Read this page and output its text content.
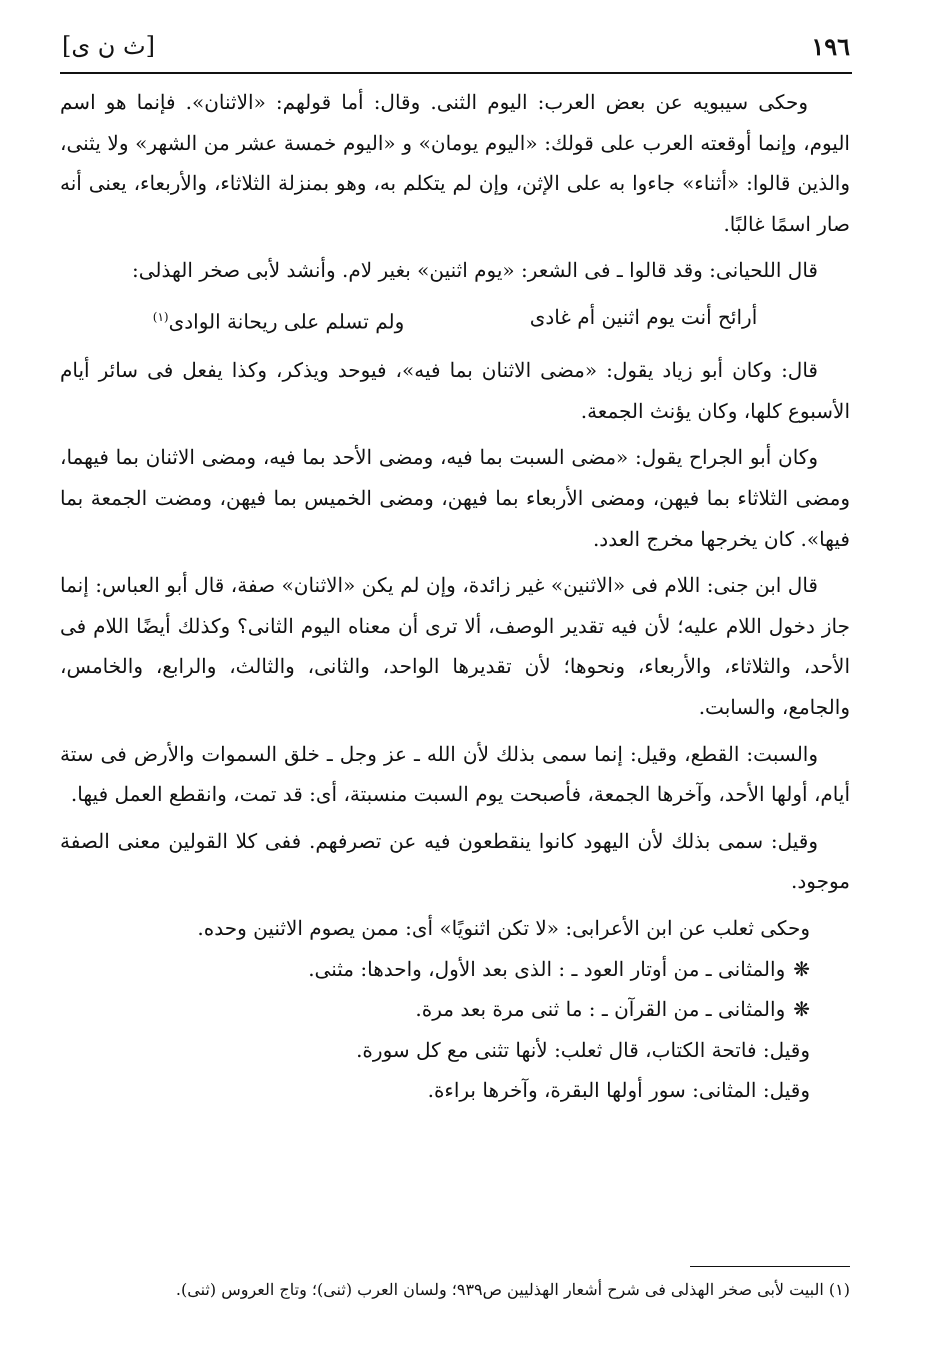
١٩٦
[ث ن ى]

وحكى سيبويه عن بعض العرب: اليوم الثنى. وقال: أما قولهم: «الاثنان». فإنما هو اسم اليوم، وإنما أوقعته العرب على قولك: «اليوم يومان» و «اليوم خمسة عشر من الشهر» ولا يثنى، والذين قالوا: «أثناء» جاءوا به على الإثن، وإن لم يتكلم به، وهو بمنزلة الثلاثاء، والأربعاء، يعنى أنه صار اسمًا غالبًا.

قال اللحيانى: وقد قالوا ـ فى الشعر: «يوم اثنين» بغير لام. وأنشد لأبى صخر الهذلى:

أرائح أنت يوم اثنين أم غادى
ولم تسلم على ريحانة الوادى$^{(١)}$

قال: وكان أبو زياد يقول: «مضى الاثنان بما فيه»، فيوحد ويذكر، وكذا يفعل فى سائر أيام الأسبوع كلها، وكان يؤنث الجمعة.

وكان أبو الجراح يقول: «مضى السبت بما فيه، ومضى الأحد بما فيه، ومضى الاثنان بما فيهما، ومضى الثلاثاء بما فيهن، ومضى الأربعاء بما فيهن، ومضى الخميس بما فيهن، ومضت الجمعة بما فيها». كان يخرجها مخرج العدد.

قال ابن جنى: اللام فى «الاثنين» غير زائدة، وإن لم يكن «الاثنان» صفة، قال أبو العباس: إنما جاز دخول اللام عليه؛ لأن فيه تقدير الوصف، ألا ترى أن معناه اليوم الثانى؟ وكذلك أيضًا اللام فى الأحد، والثلاثاء، والأربعاء، ونحوها؛ لأن تقديرها الواحد، والثانى، والثالث، والرابع، والخامس، والجامع، والسابت.

والسبت: القطع، وقيل: إنما سمى بذلك لأن الله ـ عز وجل ـ خلق السموات والأرض فى ستة أيام، أولها الأحد، وآخرها الجمعة، فأصبحت يوم السبت منسبتة، أى: قد تمت، وانقطع العمل فيها.

وقيل: سمى بذلك لأن اليهود كانوا ينقطعون فيه عن تصرفهم. ففى كلا القولين معنى الصفة موجود.

وحكى ثعلب عن ابن الأعرابى: «لا تكن اثنويًا» أى: ممن يصوم الاثنين وحده.

❋والمثانى ـ من أوتار العود ـ : الذى بعد الأول، واحدها: مثنى.

❋والمثانى ـ من القرآن ـ : ما ثنى مرة بعد مرة.

وقيل: فاتحة الكتاب، قال ثعلب: لأنها تثنى مع كل سورة.

وقيل: المثانى: سور أولها البقرة، وآخرها براءة.

(١) البيت لأبى صخر الهذلى فى شرح أشعار الهذليين ص٩٣٩؛ ولسان العرب (ثنى)؛ وتاج العروس (ثنى).
